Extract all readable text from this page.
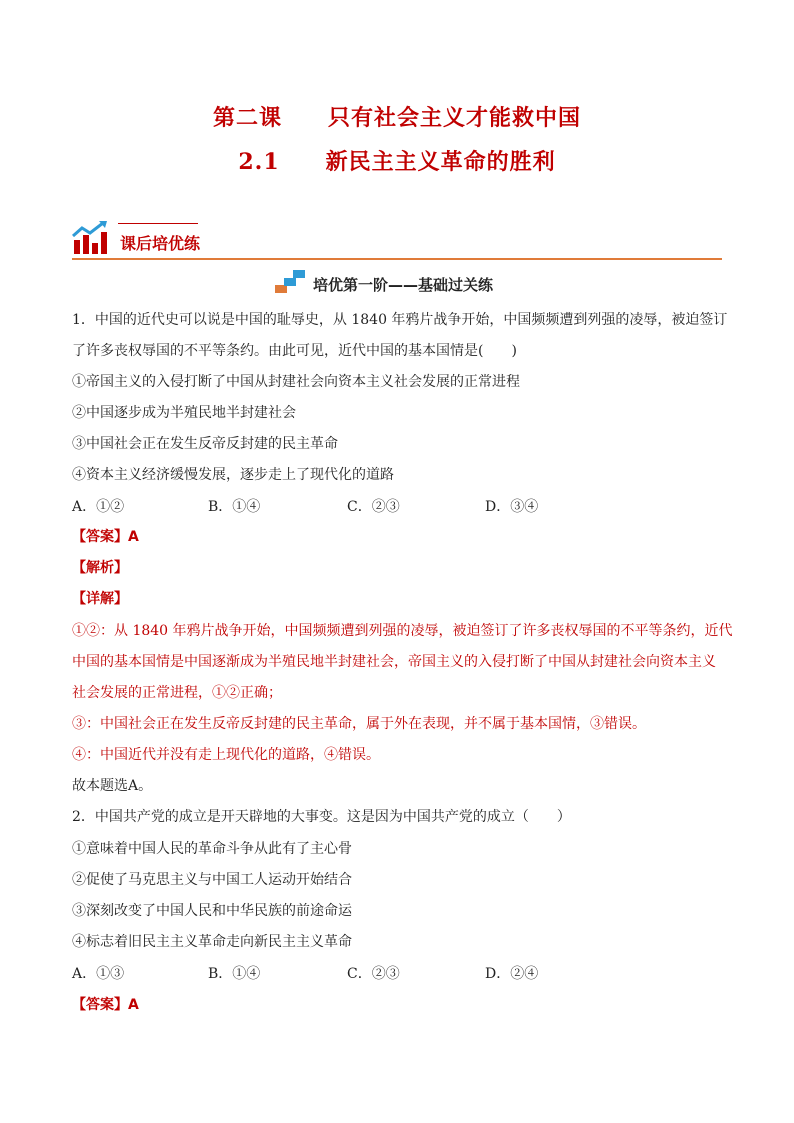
第二课　　只有社会主义才能救中国
2.1　　新民主主义革命的胜利
课后培优练
培优第一阶——基础过关练
1．中国的近代史可以说是中国的耻辱史，从 1840 年鸦片战争开始，中国频频遭到列强的凌辱，被迫签订
了许多丧权辱国的不平等条约。由此可见，近代中国的基本国情是(　　)
①帝国主义的入侵打断了中国从封建社会向资本主义社会发展的正常进程
②中国逐步成为半殖民地半封建社会
③中国社会正在发生反帝反封建的民主革命
④资本主义经济缓慢发展，逐步走上了现代化的道路
A．①②	B．①④	C．②③	D．③④
【答案】A
【解析】
【详解】
①②：从 1840 年鸦片战争开始，中国频频遭到列强的凌辱，被迫签订了许多丧权辱国的不平等条约，近代
中国的基本国情是中国逐渐成为半殖民地半封建社会，帝国主义的入侵打断了中国从封建社会向资本主义
社会发展的正常进程，①②正确；
③：中国社会正在发生反帝反封建的民主革命，属于外在表现，并不属于基本国情，③错误。
④：中国近代并没有走上现代化的道路，④错误。
故本题选A。
2．中国共产党的成立是开天辟地的大事变。这是因为中国共产党的成立（　　）
①意味着中国人民的革命斗争从此有了主心骨
②促使了马克思主义与中国工人运动开始结合
③深刻改变了中国人民和中华民族的前途命运
④标志着旧民主主义革命走向新民主主义革命
A．①③	B．①④	C．②③	D．②④
【答案】A
